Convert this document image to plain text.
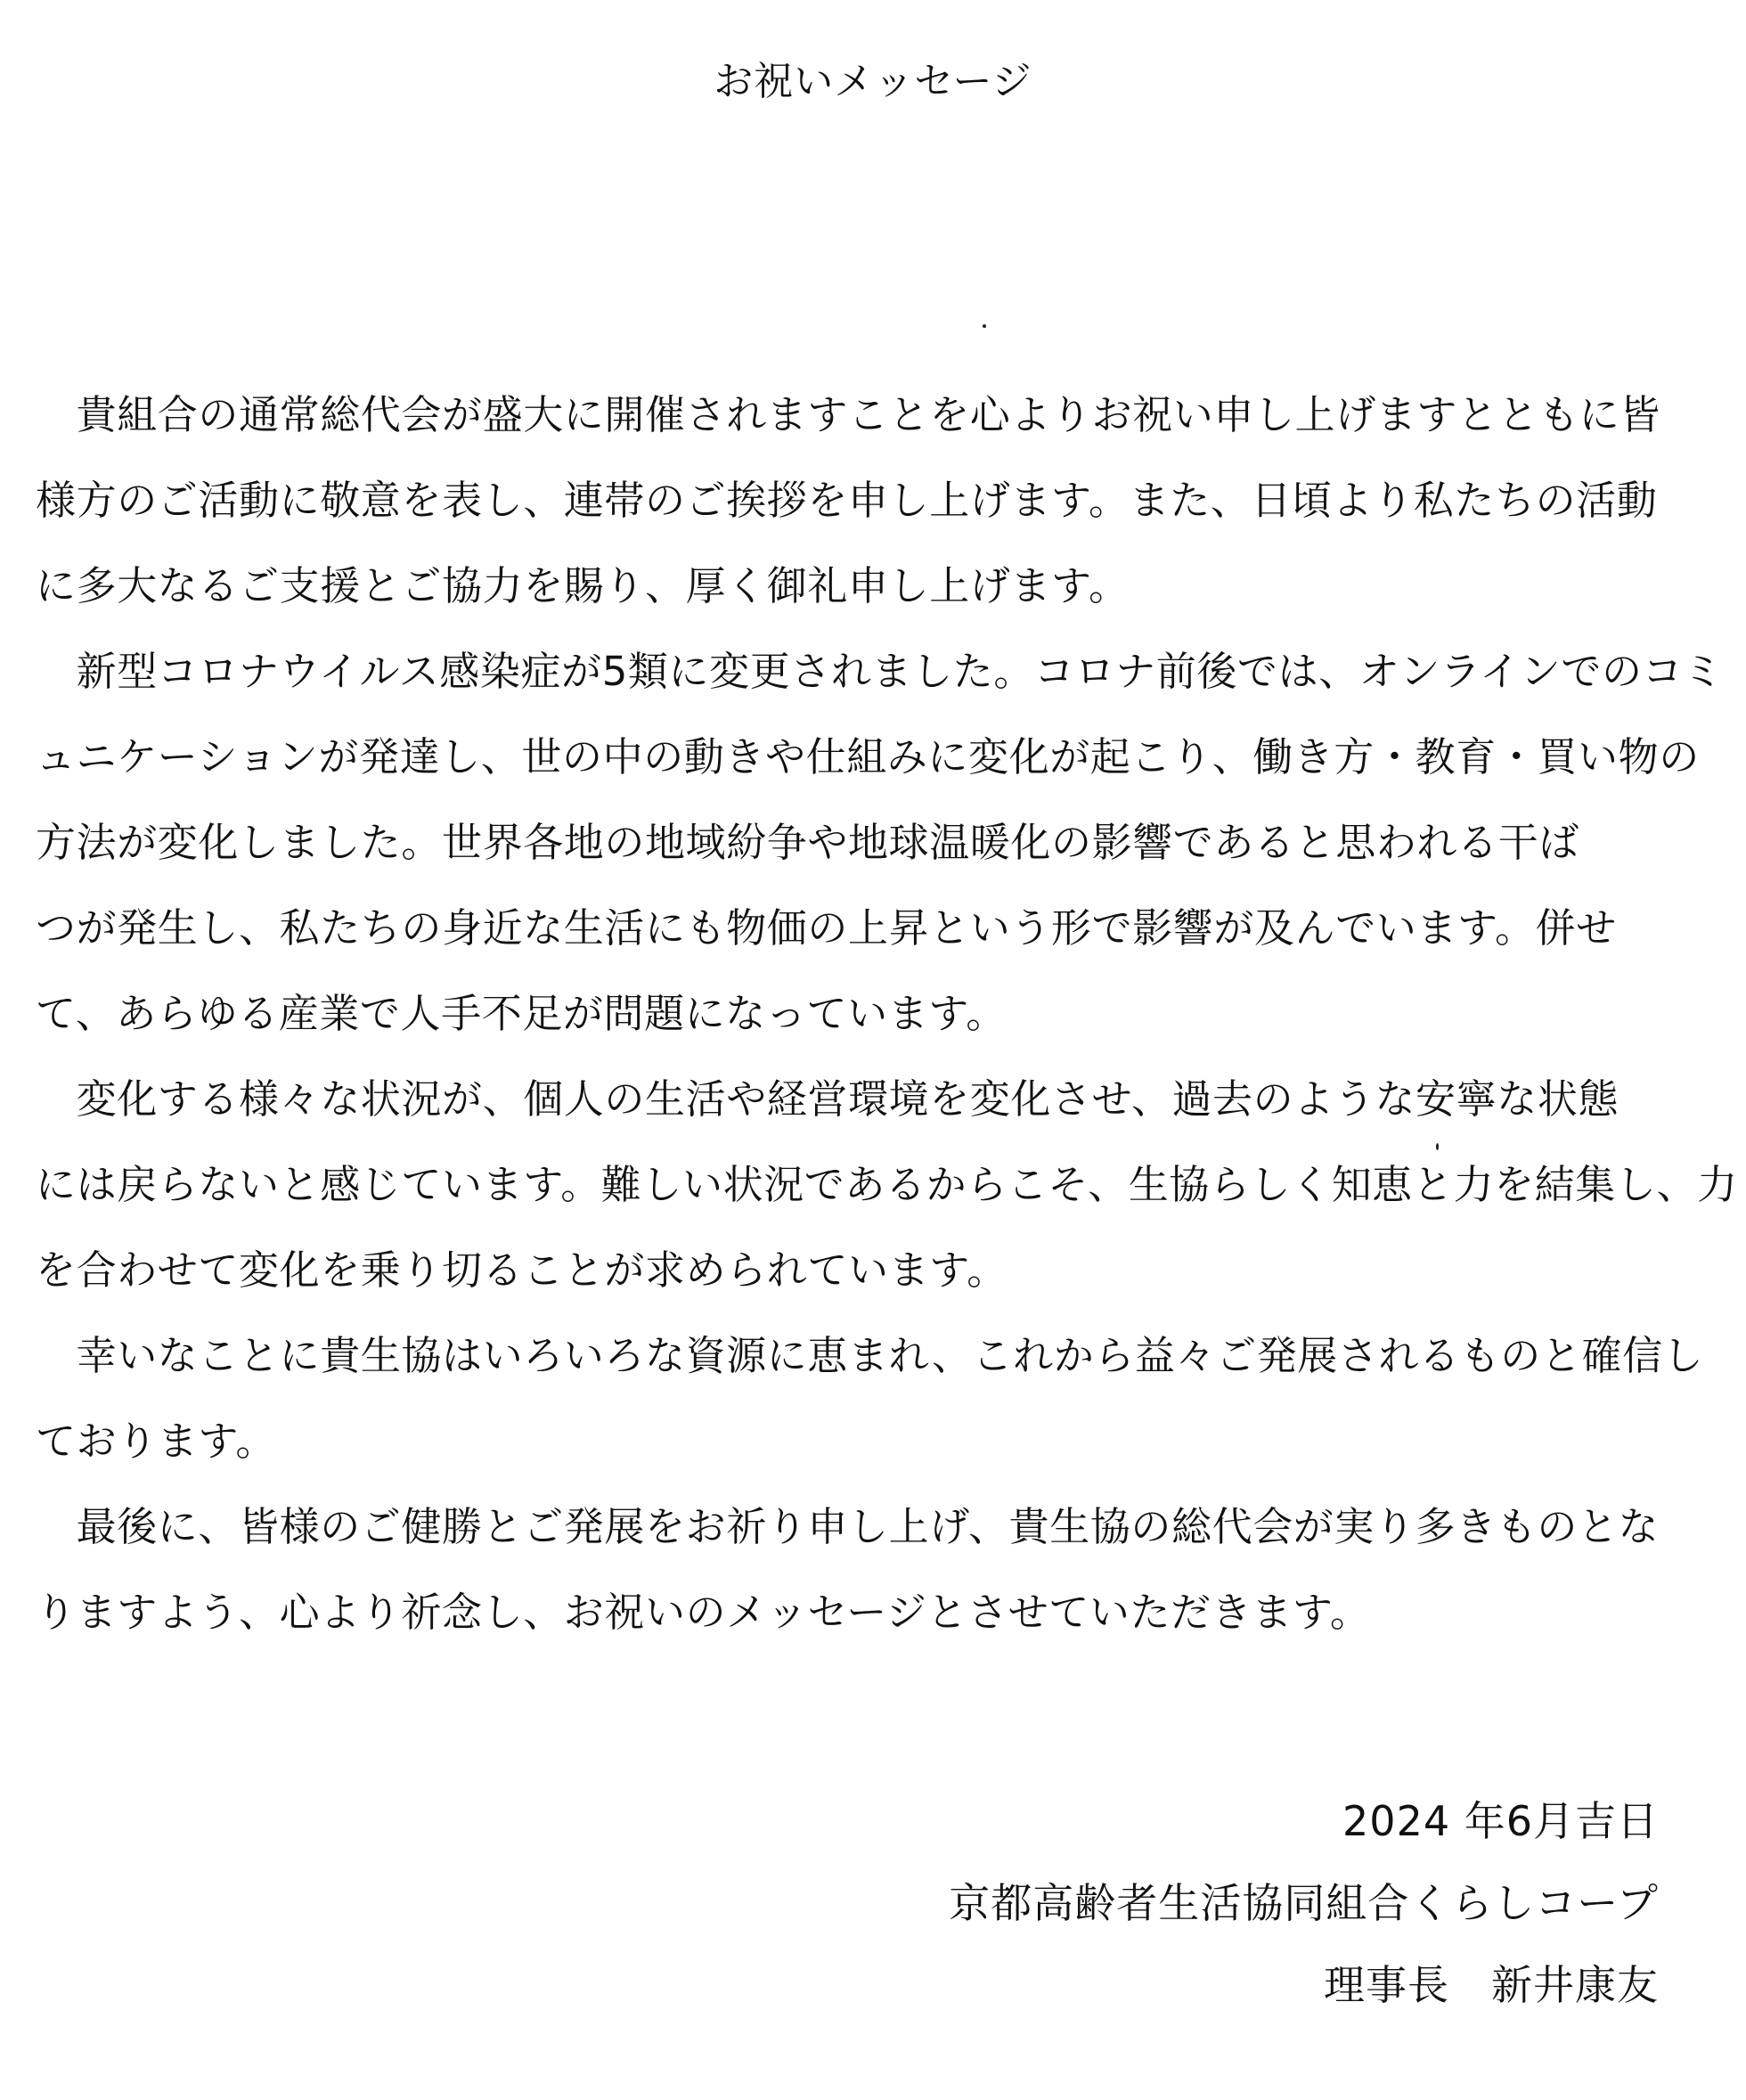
お祝いメッセージ
　貴組合の通常総代会が盛大に開催されますことを心よりお祝い申し上げますとともに皆
様方のご活動に敬意を表し、連帯のご挨拶を申し上げます。また、日頃より私たちの活動
に多大なるご支援とご協力を賜り、厚く御礼申し上げます。
　新型コロナウイルス感染症が5類に変更されました。コロナ前後では、オンラインでのコミ
ュニケーションが発達し、世の中の動きや仕組みに変化が起こり、働き方・教育・買い物の
方法が変化しました。世界各地の地域紛争や地球温暖化の影響であると思われる干ば
つが発生し、私たちの身近な生活にも物価の上昇という形で影響が及んでいます。併せ
て、あらゆる産業で人手不足が問題になっています。
　変化する様々な状況が、個人の生活や経営環境を変化させ、過去のような安寧な状態
には戻らないと感じています。難しい状況であるからこそ、生協らしく知恵と力を結集し、力
を合わせて変化を乗り切ることが求められています。
　幸いなことに貴生協はいろいろな資源に恵まれ、これから益々ご発展されるものと確信し
ております。
　最後に、皆様のご健勝とご発展をお祈り申し上げ、貴生協の総代会が実り多きものとな
りますよう、心より祈念し、お祝いのメッセージとさせていただきます。
2024 年6月吉日
京都高齢者生活協同組合くらしコープ
理事長　新井康友
